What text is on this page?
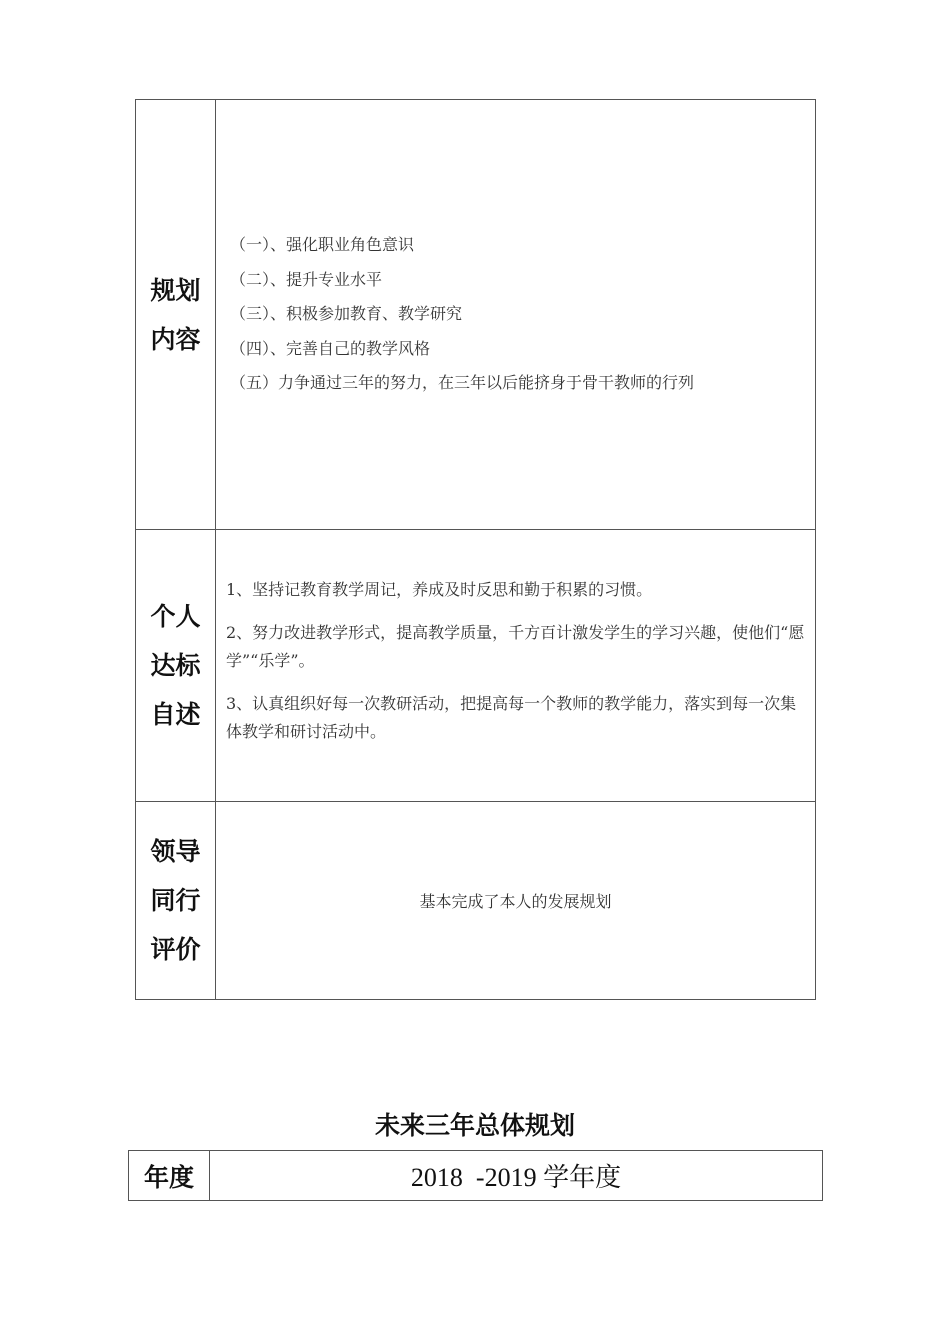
规划内容
（一）、强化职业角色意识
（二）、提升专业水平
（三）、积极参加教育、教学研究
（四）、完善自己的教学风格
（五）力争通过三年的努力，在三年以后能挤身于骨干教师的行列
个人达标自述

1、坚持记教育教学周记，养成及时反思和勤于积累的习惯。

2、努力改进教学形式，提高教学质量，千方百计激发学生的学习兴趣，使他们“愿学”“乐学”。

3、认真组织好每一次教研活动，把提高每一个教师的教学能力，落实到每一次集体教学和研讨活动中。

领导同行评价
基本完成了本人的发展规划
未来三年总体规划
年度	2018  -2019 学年度
